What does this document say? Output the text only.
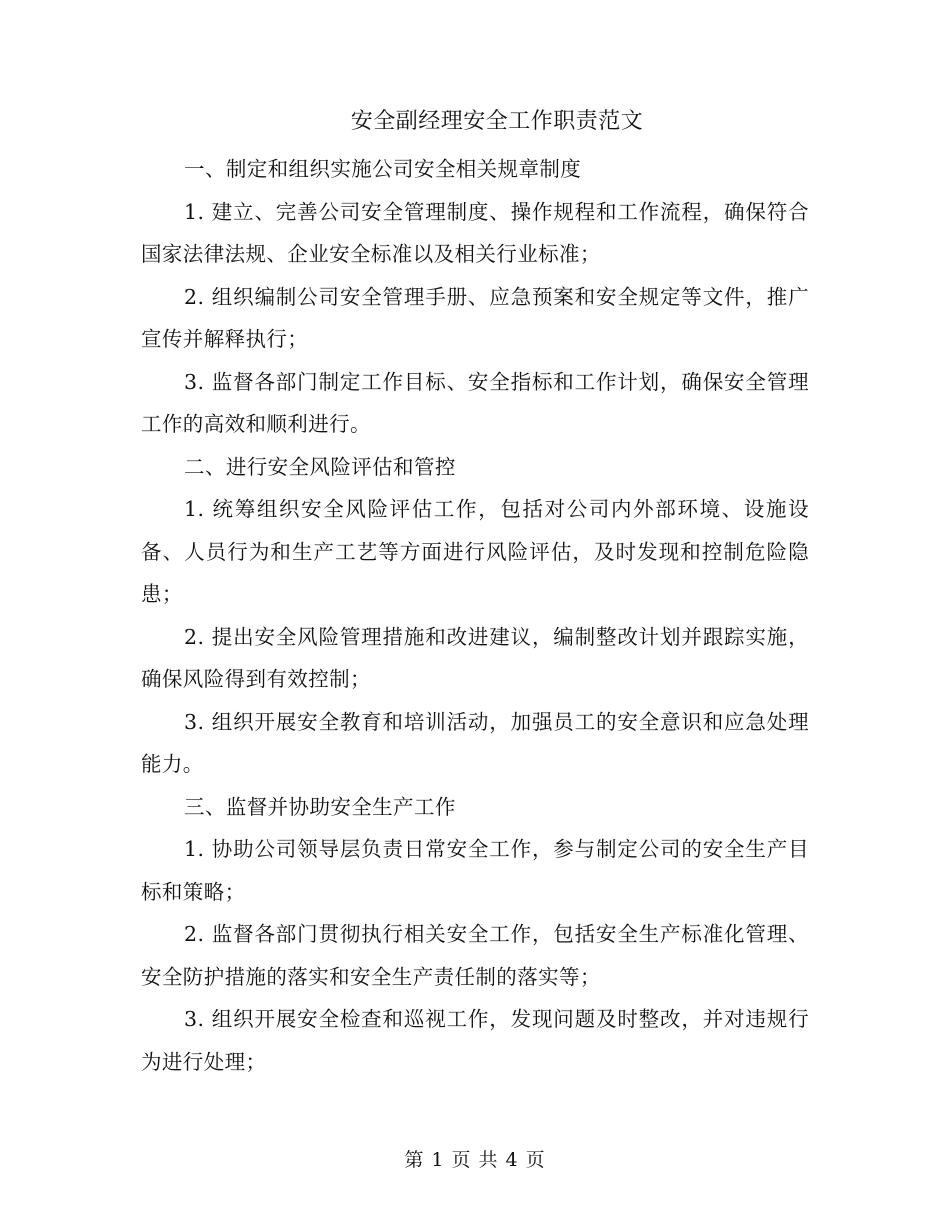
安全副经理安全工作职责范文

一、制定和组织实施公司安全相关规章制度

1. 建立、完善公司安全管理制度、操作规程和工作流程，确保符合国家法律法规、企业安全标准以及相关行业标准；

2. 组织编制公司安全管理手册、应急预案和安全规定等文件，推广宣传并解释执行；

3. 监督各部门制定工作目标、安全指标和工作计划，确保安全管理工作的高效和顺利进行。

二、进行安全风险评估和管控

1. 统筹组织安全风险评估工作，包括对公司内外部环境、设施设备、人员行为和生产工艺等方面进行风险评估，及时发现和控制危险隐患；

2. 提出安全风险管理措施和改进建议，编制整改计划并跟踪实施，确保风险得到有效控制；

3. 组织开展安全教育和培训活动，加强员工的安全意识和应急处理能力。

三、监督并协助安全生产工作

1. 协助公司领导层负责日常安全工作，参与制定公司的安全生产目标和策略；

2. 监督各部门贯彻执行相关安全工作，包括安全生产标准化管理、安全防护措施的落实和安全生产责任制的落实等；

3. 组织开展安全检查和巡视工作，发现问题及时整改，并对违规行为进行处理；

第 1 页 共 4 页
